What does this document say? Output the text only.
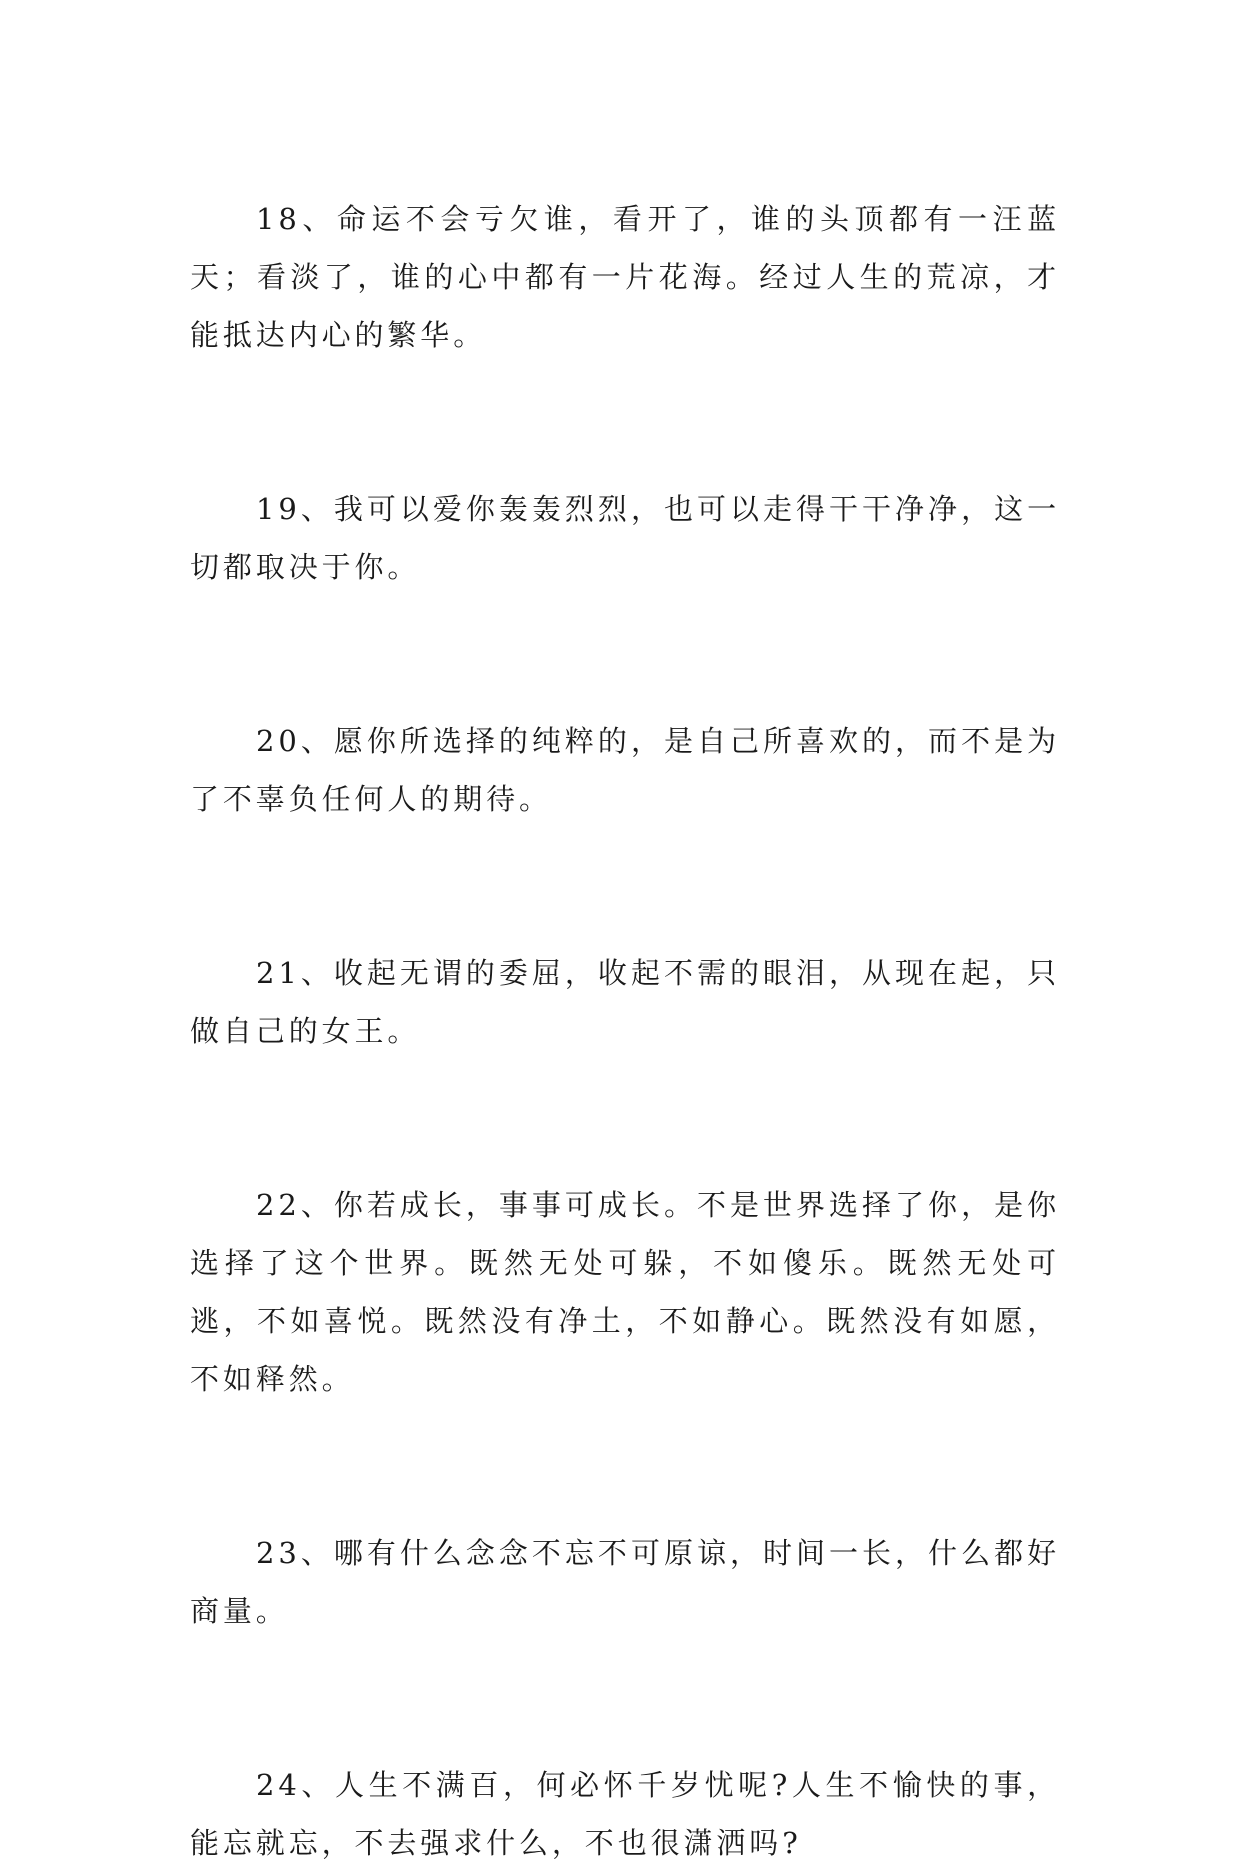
18、命运不会亏欠谁，看开了，谁的头顶都有一汪蓝天；看淡了，谁的心中都有一片花海。经过人生的荒凉，才能抵达内心的繁华。

19、我可以爱你轰轰烈烈，也可以走得干干净净，这一切都取决于你。

20、愿你所选择的纯粹的，是自己所喜欢的，而不是为了不辜负任何人的期待。

21、收起无谓的委屈，收起不需的眼泪，从现在起，只做自己的女王。

22、你若成长，事事可成长。不是世界选择了你，是你选择了这个世界。既然无处可躲，不如傻乐。既然无处可逃，不如喜悦。既然没有净土，不如静心。既然没有如愿，不如释然。

23、哪有什么念念不忘不可原谅，时间一长，什么都好商量。

24、人生不满百，何必怀千岁忧呢?人生不愉快的事，能忘就忘，不去强求什么，不也很潇洒吗?
